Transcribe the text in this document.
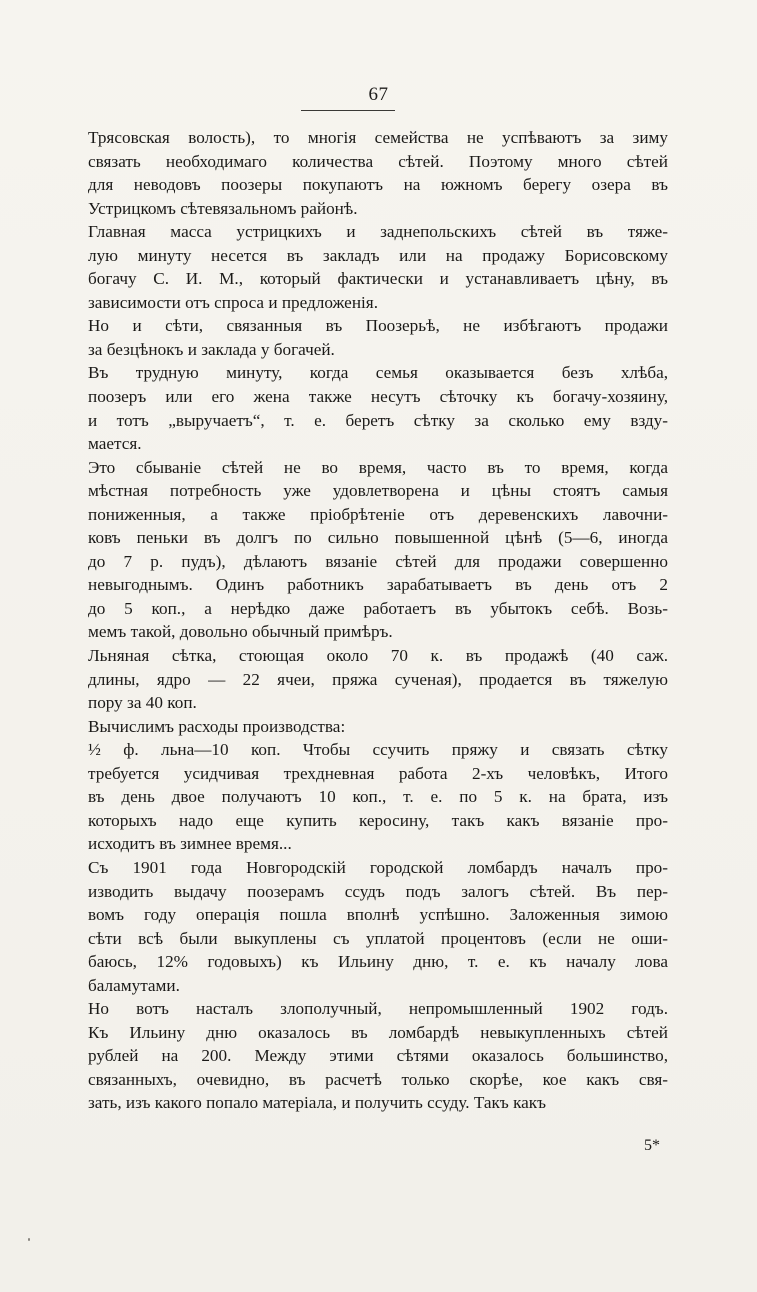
67
Трясовская волость), то многія семейства не успѣваютъ за зиму
связать необходимаго количества сѣтей. Поэтому много сѣтей
для неводовъ поозеры покупаютъ на южномъ берегу озера въ
Устрицкомъ сѣтевязальномъ районѣ.
Главная масса устрицкихъ и заднепольскихъ сѣтей въ тяже-
лую минуту несется въ закладъ или на продажу Борисовскому
богачу С. И. М., который фактически и устанавливаетъ цѣну, въ
зависимости отъ спроса и предложенія.
Но и сѣти, связанныя въ Поозерьѣ, не избѣгаютъ продажи
за безцѣнокъ и заклада у богачей.
Въ трудную минуту, когда семья оказывается безъ хлѣба,
поозеръ или его жена также несутъ сѣточку къ богачу-хозяину,
и тотъ „выручаетъ“, т. е. беретъ сѣтку за сколько ему взду-
мается.
Это сбываніе сѣтей не во время, часто въ то время, когда
мѣстная потребность уже удовлетворена и цѣны стоятъ самыя
пониженныя, а также пріобрѣтеніе отъ деревенскихъ лавочни-
ковъ пеньки въ долгъ по сильно повышенной цѣнѣ (5—6, иногда
до 7 р. пудъ), дѣлаютъ вязаніе сѣтей для продажи совершенно
невыгоднымъ. Одинъ работникъ зарабатываетъ въ день отъ 2
до 5 коп., а нерѣдко даже работаетъ въ убытокъ себѣ. Возь-
мемъ такой, довольно обычный примѣръ.
Льняная сѣтка, стоющая около 70 к. въ продажѣ (40 саж.
длины, ядро — 22 ячеи, пряжа сученая), продается въ тяжелую
пору за 40 коп.
Вычислимъ расходы производства:
½ ф. льна—10 коп. Чтобы ссучить пряжу и связать сѣтку
требуется усидчивая трехдневная работа 2-хъ человѣкъ, Итого
въ день двое получаютъ 10 коп., т. е. по 5 к. на брата, изъ
которыхъ надо еще купить керосину, такъ какъ вязаніе про-
исходитъ въ зимнее время...
Съ 1901 года Новгородскій городской ломбардъ началъ про-
изводить выдачу поозерамъ ссудъ подъ залогъ сѣтей. Въ пер-
вомъ году операція пошла вполнѣ успѣшно. Заложенныя зимою
сѣти всѣ были выкуплены съ уплатой процентовъ (если не оши-
баюсь, 12% годовыхъ) къ Ильину дню, т. е. къ началу лова
баламутами.
Но вотъ настaлъ злополучный, непромышленный 1902 годъ.
Къ Ильину дню оказалось въ ломбардѣ невыкупленныхъ сѣтей
рублей на 200. Между этими сѣтями оказалось большинство,
связанныхъ, очевидно, въ расчетѣ только скорѣе, кое какъ свя-
зать, изъ какого попало матеріала, и получить ссуду. Такъ какъ
5*
